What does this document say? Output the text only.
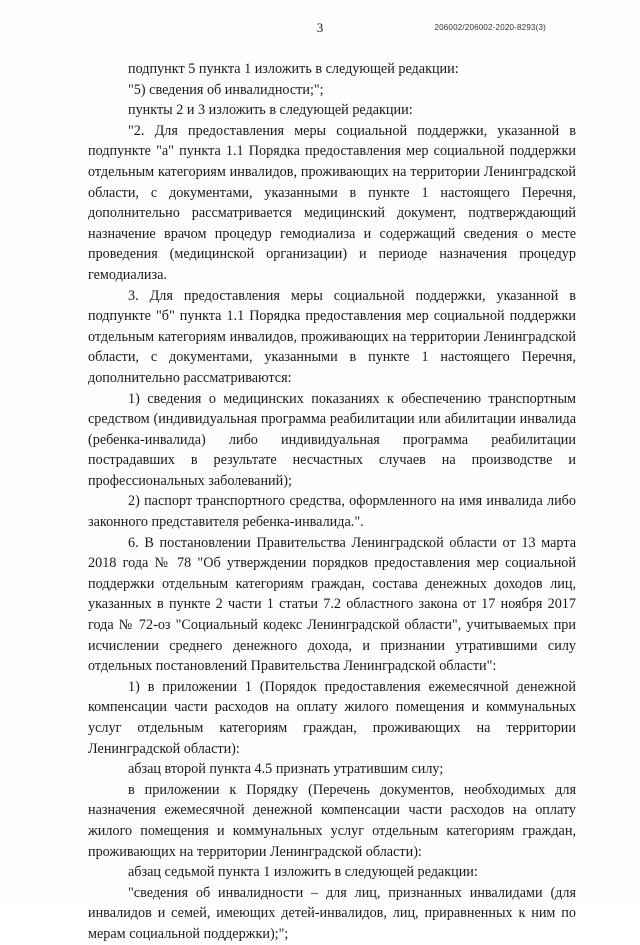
3	206002/206002-2020-8293(3)

подпункт 5 пункта 1 изложить в следующей редакции:

"5) сведения об инвалидности;";

пункты 2 и 3 изложить в следующей редакции:

"2. Для предоставления меры социальной поддержки, указанной в подпункте "а" пункта 1.1 Порядка предоставления мер социальной поддержки отдельным категориям инвалидов, проживающих на территории Ленинградской области, с документами, указанными в пункте 1 настоящего Перечня, дополнительно рассматривается медицинский документ, подтверждающий назначение врачом процедур гемодиализа и содержащий сведения о месте проведения (медицинской организации) и периоде назначения процедур гемодиализа.

3. Для предоставления меры социальной поддержки, указанной в подпункте "б" пункта 1.1 Порядка предоставления мер социальной поддержки отдельным категориям инвалидов, проживающих на территории Ленинградской области, с документами, указанными в пункте 1 настоящего Перечня, дополнительно рассматриваются:

1) сведения о медицинских показаниях к обеспечению транспортным средством (индивидуальная программа реабилитации или абилитации инвалида (ребенка-инвалида) либо индивидуальная программа реабилитации пострадавших в результате несчастных случаев на производстве и профессиональных заболеваний);

2) паспорт транспортного средства, оформленного на имя инвалида либо законного представителя ребенка-инвалида.".

6. В постановлении Правительства Ленинградской области от 13 марта 2018 года № 78 "Об утверждении порядков предоставления мер социальной поддержки отдельным категориям граждан, состава денежных доходов лиц, указанных в пункте 2 части 1 статьи 7.2 областного закона от 17 ноября 2017 года № 72-оз "Социальный кодекс Ленинградской области", учитываемых при исчислении среднего денежного дохода, и признании утратившими силу отдельных постановлений Правительства Ленинградской области":

1) в приложении 1 (Порядок предоставления ежемесячной денежной компенсации части расходов на оплату жилого помещения и коммунальных услуг отдельным категориям граждан, проживающих на территории Ленинградской области):

абзац второй пункта 4.5 признать утратившим силу;

в приложении к Порядку (Перечень документов, необходимых для назначения ежемесячной денежной компенсации части расходов на оплату жилого помещения и коммунальных услуг отдельным категориям граждан, проживающих на территории Ленинградской области):

абзац седьмой пункта 1 изложить в следующей редакции:

"сведения об инвалидности – для лиц, признанных инвалидами (для инвалидов и семей, имеющих детей-инвалидов, лиц, приравненных к ним по мерам социальной поддержки);";
